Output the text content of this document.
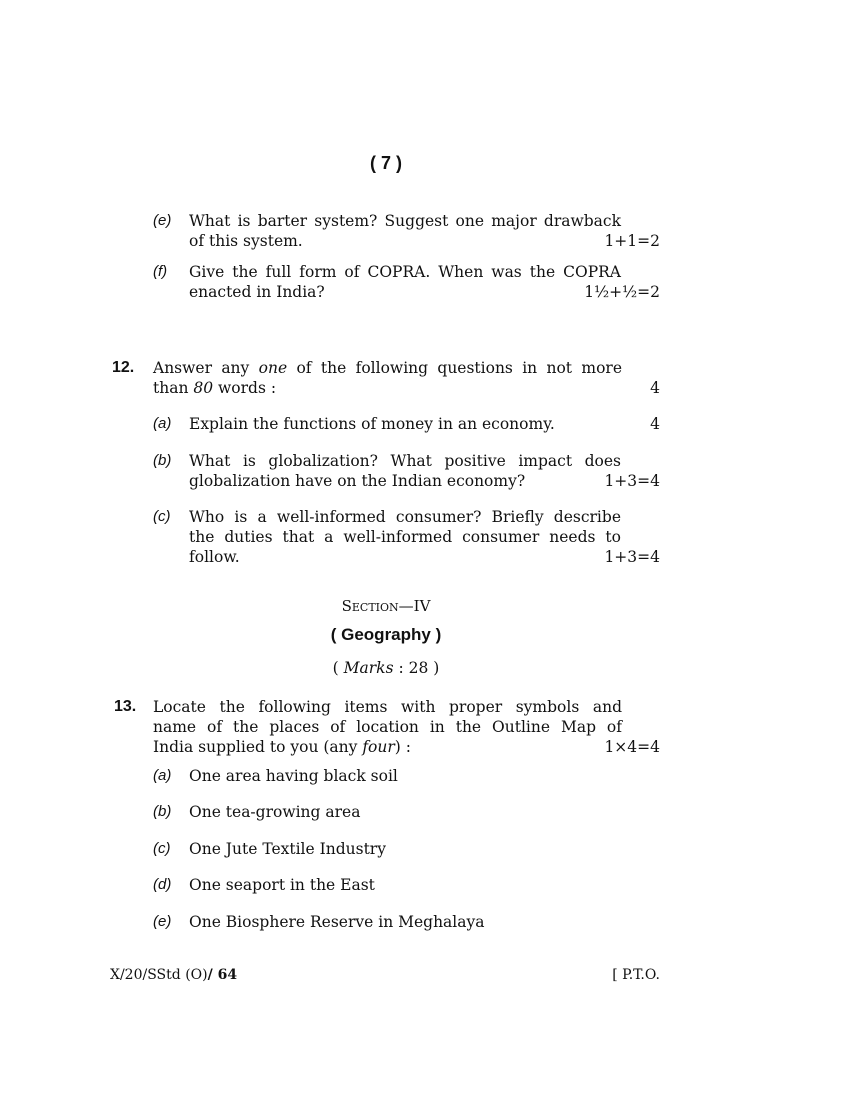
( 7 )
(e) What is barter system? Suggest one major drawback
of this system.	1+1=2
(f) Give the full form of COPRA. When was the COPRA
enacted in India?	1½+½=2
12. Answer any one of the following questions in not more
than 80 words :	4
(a) Explain the functions of money in an economy.	4
(b) What is globalization? What positive impact does
globalization have on the Indian economy?	1+3=4
(c) Who is a well-informed consumer? Briefly describe
the duties that a well-informed consumer needs to
follow.	1+3=4
Section—IV
( Geography )
( Marks : 28 )
13. Locate the following items with proper symbols and
name of the places of location in the Outline Map of
India supplied to you (any four) :	1×4=4
(a) One area having black soil
(b) One tea-growing area
(c) One Jute Textile Industry
(d) One seaport in the East
(e) One Biosphere Reserve in Meghalaya
X/20/SStd (O)/ 64	[ P.T.O.
